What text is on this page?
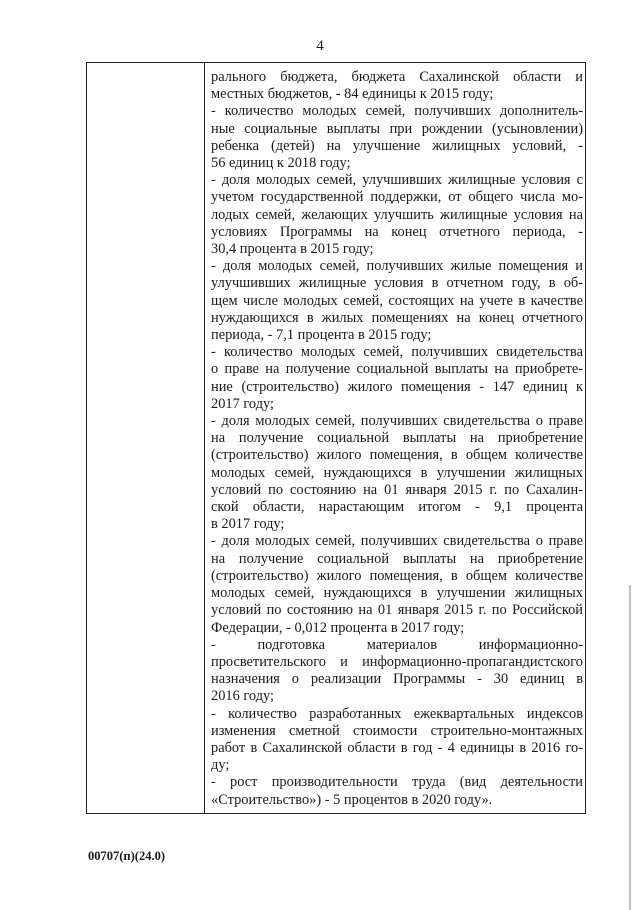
4
рального бюджета, бюджета Сахалинской области и
местных бюджетов, - 84 единицы к 2015 году;
- количество молодых семей, получивших дополнитель-
ные социальные выплаты при рождении (усыновлении)
ребенка (детей) на улучшение жилищных условий, -
56 единиц к 2018 году;
- доля молодых семей, улучшивших жилищные условия с
учетом государственной поддержки, от общего числа мо-
лодых семей, желающих улучшить жилищные условия на
условиях Программы на конец отчетного периода, -
30,4 процента в 2015 году;
- доля молодых семей, получивших жилые помещения и
улучшивших жилищные условия в отчетном году, в об-
щем числе молодых семей, состоящих на учете в качестве
нуждающихся в жилых помещениях на конец отчетного
периода, - 7,1 процента в 2015 году;
- количество молодых семей, получивших свидетельства
о праве на получение социальной выплаты на приобрете-
ние (строительство) жилого помещения - 147 единиц к
2017 году;
- доля молодых семей, получивших свидетельства о праве
на получение социальной выплаты на приобретение
(строительство) жилого помещения, в общем количестве
молодых семей, нуждающихся в улучшении жилищных
условий по состоянию на 01 января 2015 г. по Сахалин-
ской области, нарастающим итогом - 9,1 процента
в 2017 году;
- доля молодых семей, получивших свидетельства о праве
на получение социальной выплаты на приобретение
(строительство) жилого помещения, в общем количестве
молодых семей, нуждающихся в улучшении жилищных
условий по состоянию на 01 января 2015 г. по Российской
Федерации, - 0,012 процента в 2017 году;
- подготовка материалов информационно-
просветительского и информационно-пропагандистского
назначения о реализации Программы - 30 единиц в
2016 году;
- количество разработанных ежеквартальных индексов
изменения сметной стоимости строительно-монтажных
работ в Сахалинской области в год - 4 единицы в 2016 го-
ду;
- рост производительности труда (вид деятельности
«Строительство») - 5 процентов в 2020 году».
00707(п)(24.0)
